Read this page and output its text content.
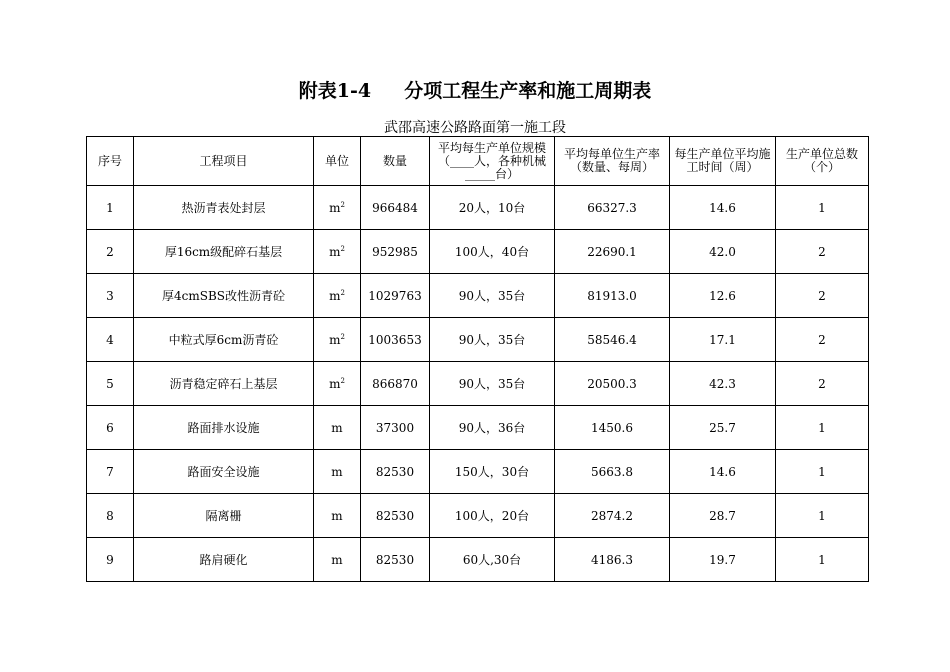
附表1-4     分项工程生产率和施工周期表
武邵高速公路路面第一施工段
序号	工程项目	单位	数量	平均每生产单位规模（____人，各种机械_____台）	平均每单位生产率（数量、每周）	每生产单位平均施工时间（周）	生产单位总数（个）
1	热沥青表处封层	$m^2$	966484	20人，10台	66327.3	14.6	1
2	厚16cm级配碎石基层	$m^2$	952985	100人，40台	22690.1	42.0	2
3	厚4cmSBS改性沥青砼	$m^2$	1029763	90人，35台	81913.0	12.6	2
4	中粒式厚6cm沥青砼	$m^2$	1003653	90人，35台	58546.4	17.1	2
5	沥青稳定碎石上基层	$m^2$	866870	90人，35台	20500.3	42.3	2
6	路面排水设施	m	37300	90人，36台	1450.6	25.7	1
7	路面安全设施	m	82530	150人，30台	5663.8	14.6	1
8	隔离栅	m	82530	100人，20台	2874.2	28.7	1
9	路肩硬化	m	82530	60人,30台	4186.3	19.7	1
